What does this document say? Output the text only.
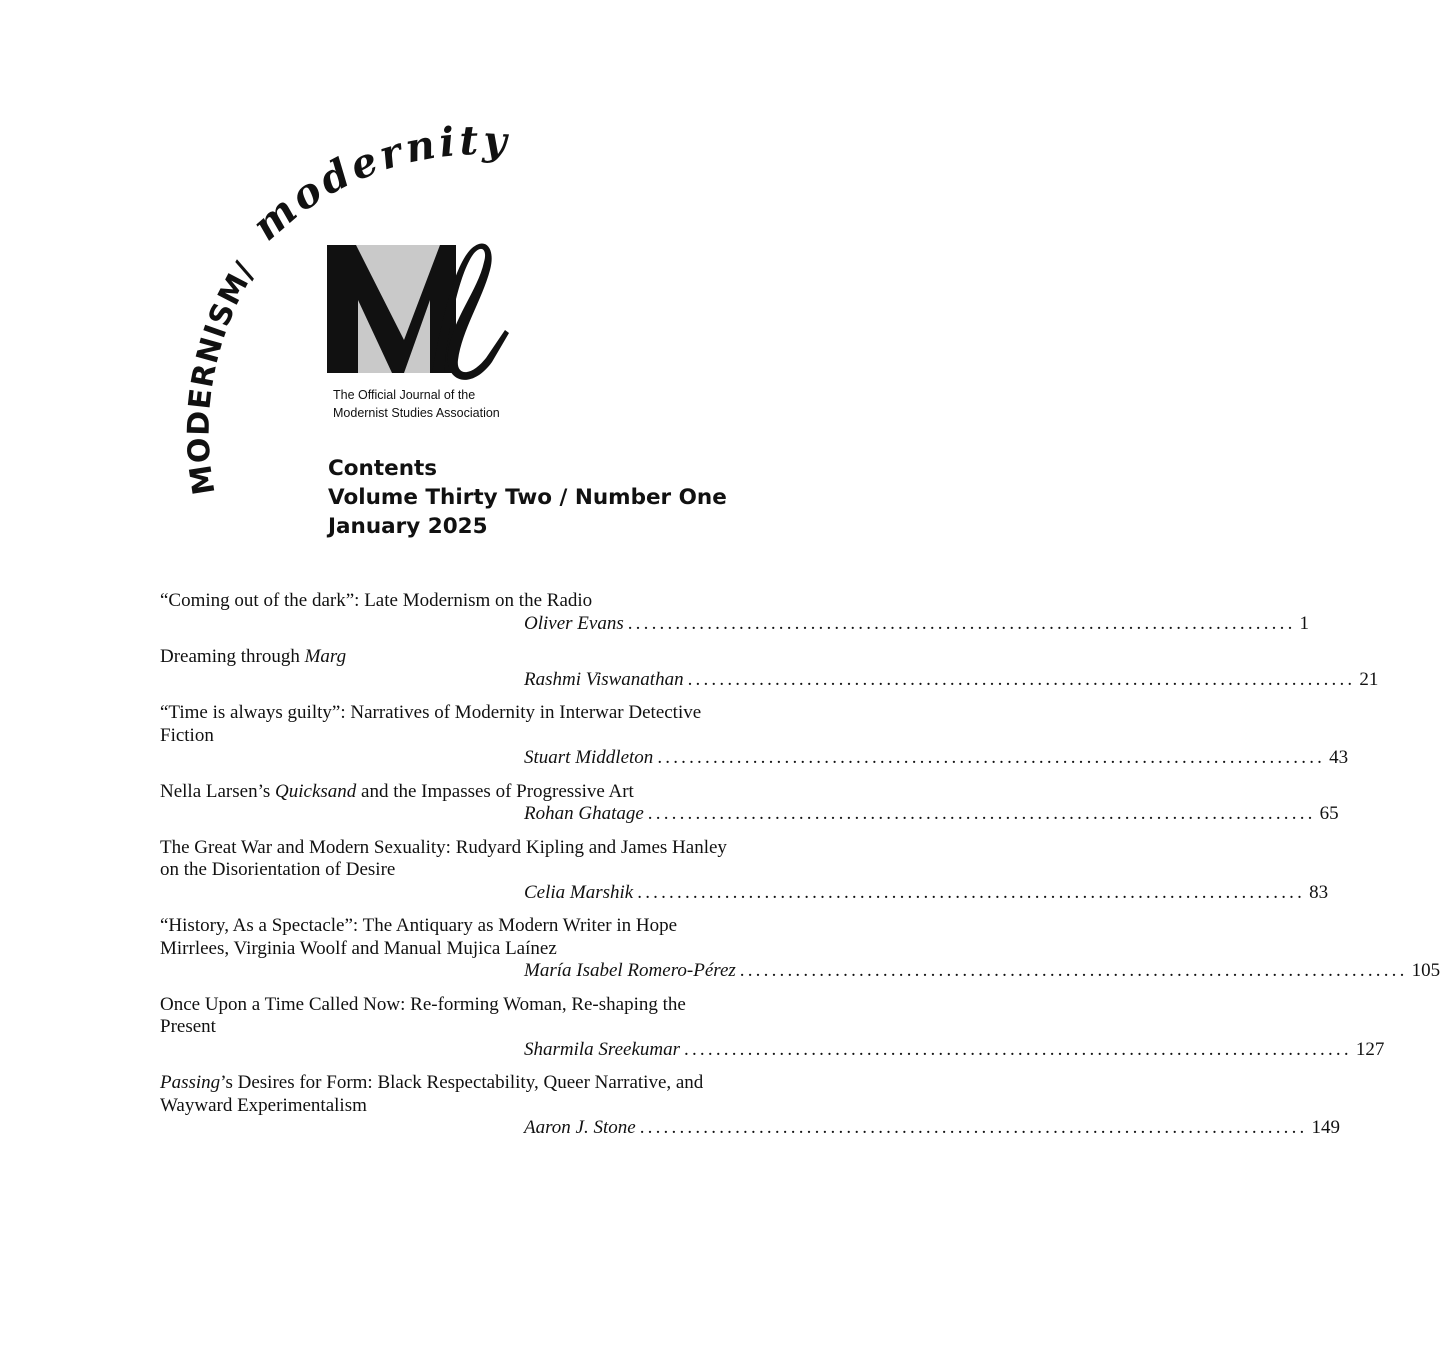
MODERNISM/
modernity
The Official Journal of the
Modernist Studies Association
Contents
Volume Thirty Two / Number One
January 2025
“Coming out of the dark”: Late Modernism on the Radio
Oliver Evans .................................................................................... 1
Dreaming through Marg
Rashmi Viswanathan .................................................................................... 21
“Time is always guilty”: Narratives of Modernity in Interwar Detective Fiction
Stuart Middleton .................................................................................... 43
Nella Larsen’s Quicksand and the Impasses of Progressive Art
Rohan Ghatage .................................................................................... 65
The Great War and Modern Sexuality: Rudyard Kipling and James Hanley on the Disorientation of Desire
Celia Marshik .................................................................................... 83
“History, As a Spectacle”: The Antiquary as Modern Writer in Hope Mirrlees, Virginia Woolf and Manual Mujica Laínez
María Isabel Romero-Pérez .................................................................................... 105
Once Upon a Time Called Now: Re-forming Woman, Re-shaping the Present
Sharmila Sreekumar .................................................................................... 127
Passing’s Desires for Form: Black Respectability, Queer Narrative, and Wayward Experimentalism
Aaron J. Stone .................................................................................... 149
